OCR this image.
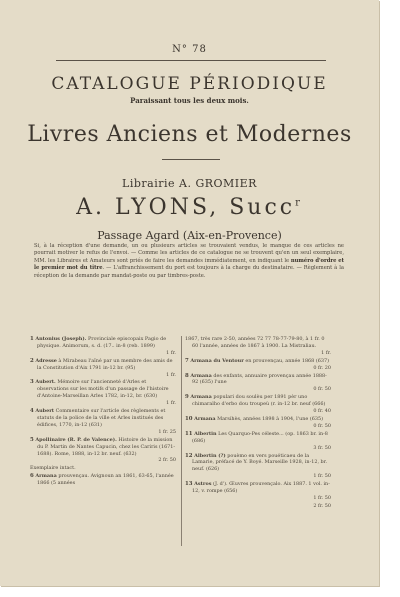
N° 78
CATALOGUE PÉRIODIQUE
Paraissant tous les deux mois.
Livres Anciens et Modernes
Librairie A. GROMIER
A. LYONS, Succ$^r$
Passage Agard (Aix-en-Provence)
Si, à la réception d'une demande, un ou plusieurs articles se trouvaient vendus, le manque de ces articles ne pourrait motiver le refus de l'envoi. — Comme les articles de ce catalogue ne se trouvent qu'en un seul exemplaire, MM. les Libraires et Amateurs sont priés de faire les demandes immédiatement, en indiquant le numéro d'ordre et le premier mot du titre. — L'affranchissement du port est toujours à la charge du destinataire. — Règlement à la réception de la demande par mandat-poste ou par timbres-poste.
1 Antonius (Joseph). Provinciale episcopaix Pagio de physique. Animorum, s. d. (17.. in-8 (reb. 1899)
1 fr.
2 Adresse à Mirabeau l'aîné par un membre des amis de la Constitution d'Aix 1791 in-12 br. (95)
1 fr.
3 Aubert. Mémoire sur l'ancienneté d'Arles et observations sur les motifs d'un passage de l'histoire d'Antoine-Marseillan Arles 1782, in-12, br. (630)
1 fr.
4 Aubert Commentaire sur l'article des règlements et statuts de la police de la ville et Arles institués des édifices, 1770, in-12 (631)
1 fr. 25
5 Apollinaire (R. P. de Valence). Histoire de la mission du P. Martin de Nantes Capucin, chez les Cariris (1671-1688). Rome, 1888, in-12 br. neuf. (632)
2 fr. 50
Exemplaire intact.
6 Armana prouvençau. Avignoun an 1861, 63-65, l'année 1866 (5 années
1867, très rare 2-50, années 72 77 78-77-79-80, à 1 fr. 0 60 l'année, années de 1867 à 1900. La Mistraliau.
1 fr.
7 Armana du Ventour en prouvençau, année 1868 (637)
0 fr. 20
8 Armana des enfants, annuaire provençau année 1888-92 (635) l'une
0 fr. 50
9 Armana populari dou soulèu per 1891 pèr uno chimaralho d'erbo dou troupeù (r. in-12 br. neuf (666)
0 fr. 40
10 Armana Marsihès, années 1898 à 1904, l'une (635)
0 fr. 50
11 Albertin Les Quarquo-Pes céleste... (op. 1863 br. in-8 (686)
3 fr. 50
12 Albertin (?) pouèmo en vers pouéticaeu de la Lamarie, préfacé de Y. Boyé. Marseille 1928, in-12, br. neuf. (626)
1 fr. 50
13 Astros (J. d'). Œuvres prouvençalo. Aix 1887. 1 vol. in-12, v. rompe (656)
1 fr. 50
2 fr. 50
